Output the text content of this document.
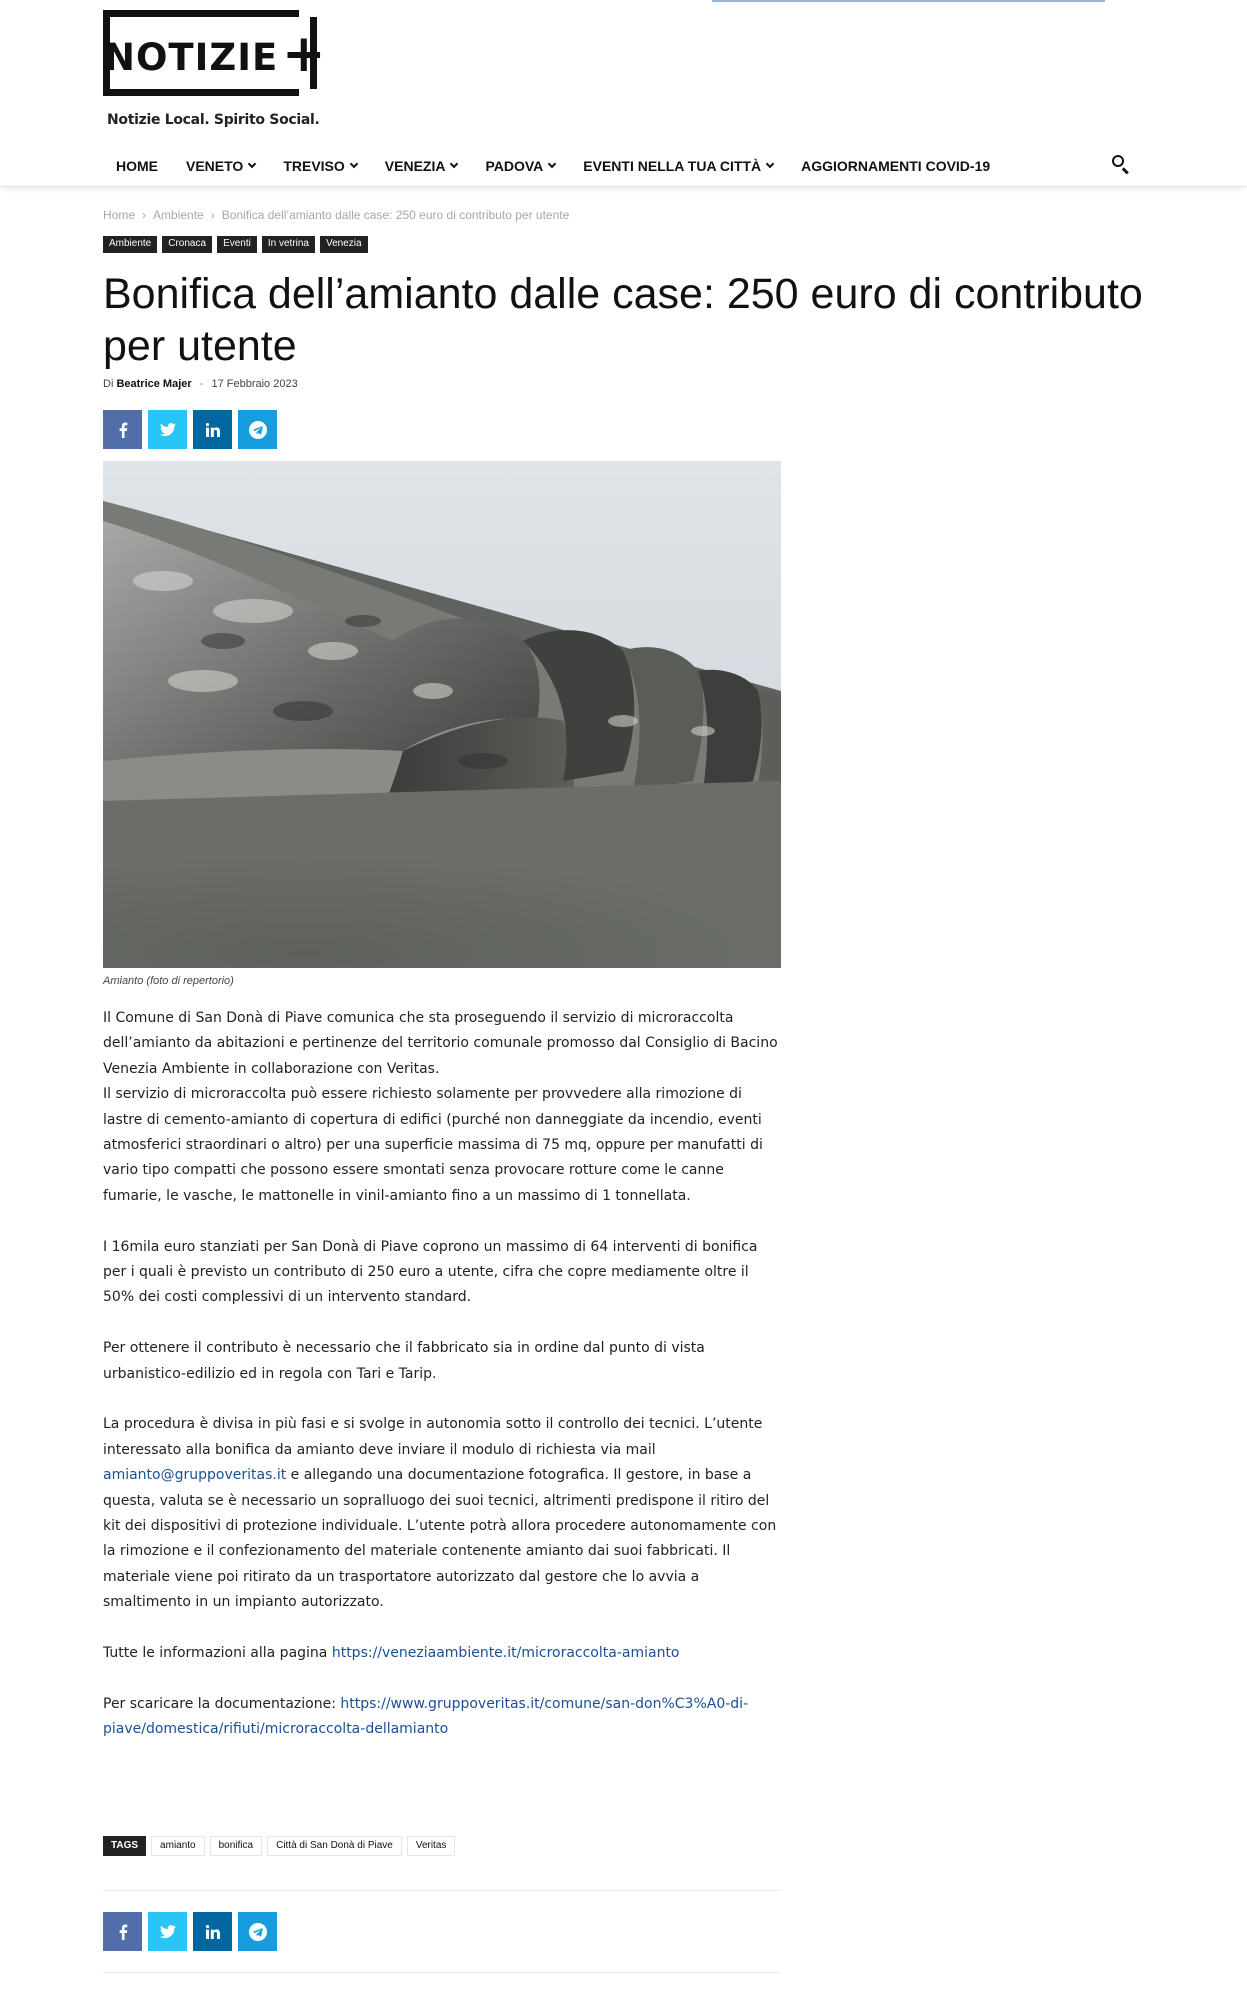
NOTIZIE +
Notizie Local. Spirito Social.
HOME VENETO	TREVISO	VENEZIA	PADOVA	EVENTI NELLA TUA CITTÀ	AGGIORNAMENTI COVID-19
Home › Ambiente › Bonifica dell’amianto dalle case: 250 euro di contributo per utente
Ambiente	Cronaca	Eventi	In vetrina	Venezia
Bonifica dell’amianto dalle case: 250 euro di contributo per utente
Di Beatrice Majer - 17 Febbraio 2023
Amianto (foto di repertorio)

Il Comune di San Donà di Piave comunica che sta proseguendo il servizio di microraccolta dell’amianto da abitazioni e pertinenze del territorio comunale promosso dal Consiglio di Bacino Venezia Ambiente in collaborazione con Veritas.

Il servizio di microraccolta può essere richiesto solamente per provvedere alla rimozione di lastre di cemento-amianto di copertura di edifici (purché non danneggiate da incendio, eventi atmosferici straordinari o altro) per una superficie massima di 75 mq, oppure per manufatti di vario tipo compatti che possono essere smontati senza provocare rotture come le canne fumarie, le vasche, le mattonelle in vinil-amianto fino a un massimo di 1 tonnellata.

I 16mila euro stanziati per San Donà di Piave coprono un massimo di 64 interventi di bonifica per i quali è previsto un contributo di 250 euro a utente, cifra che copre mediamente oltre il 50% dei costi complessivi di un intervento standard.

Per ottenere il contributo è necessario che il fabbricato sia in ordine dal punto di vista urbanistico-edilizio ed in regola con Tari e Tarip.

La procedura è divisa in più fasi e si svolge in autonomia sotto il controllo dei tecnici. L’utente interessato alla bonifica da amianto deve inviare il modulo di richiesta via mail amianto@gruppoveritas.it e allegando una documentazione fotografica. Il gestore, in base a questa, valuta se è necessario un sopralluogo dei suoi tecnici, altrimenti predispone il ritiro del kit dei dispositivi di protezione individuale. L’utente potrà allora procedere autonomamente con la rimozione e il confezionamento del materiale contenente amianto dai suoi fabbricati. Il materiale viene poi ritirato da un trasportatore autorizzato dal gestore che lo avvia a smaltimento in un impianto autorizzato.

Tutte le informazioni alla pagina https://veneziaambiente.it/microraccolta-amianto

Per scaricare la documentazione: https://www.gruppoveritas.it/comune/san-don%C3%A0-di-piave/domestica/rifiuti/microraccolta-dellamianto

TAGS	amianto	bonifica	Città di San Donà di Piave	Veritas
